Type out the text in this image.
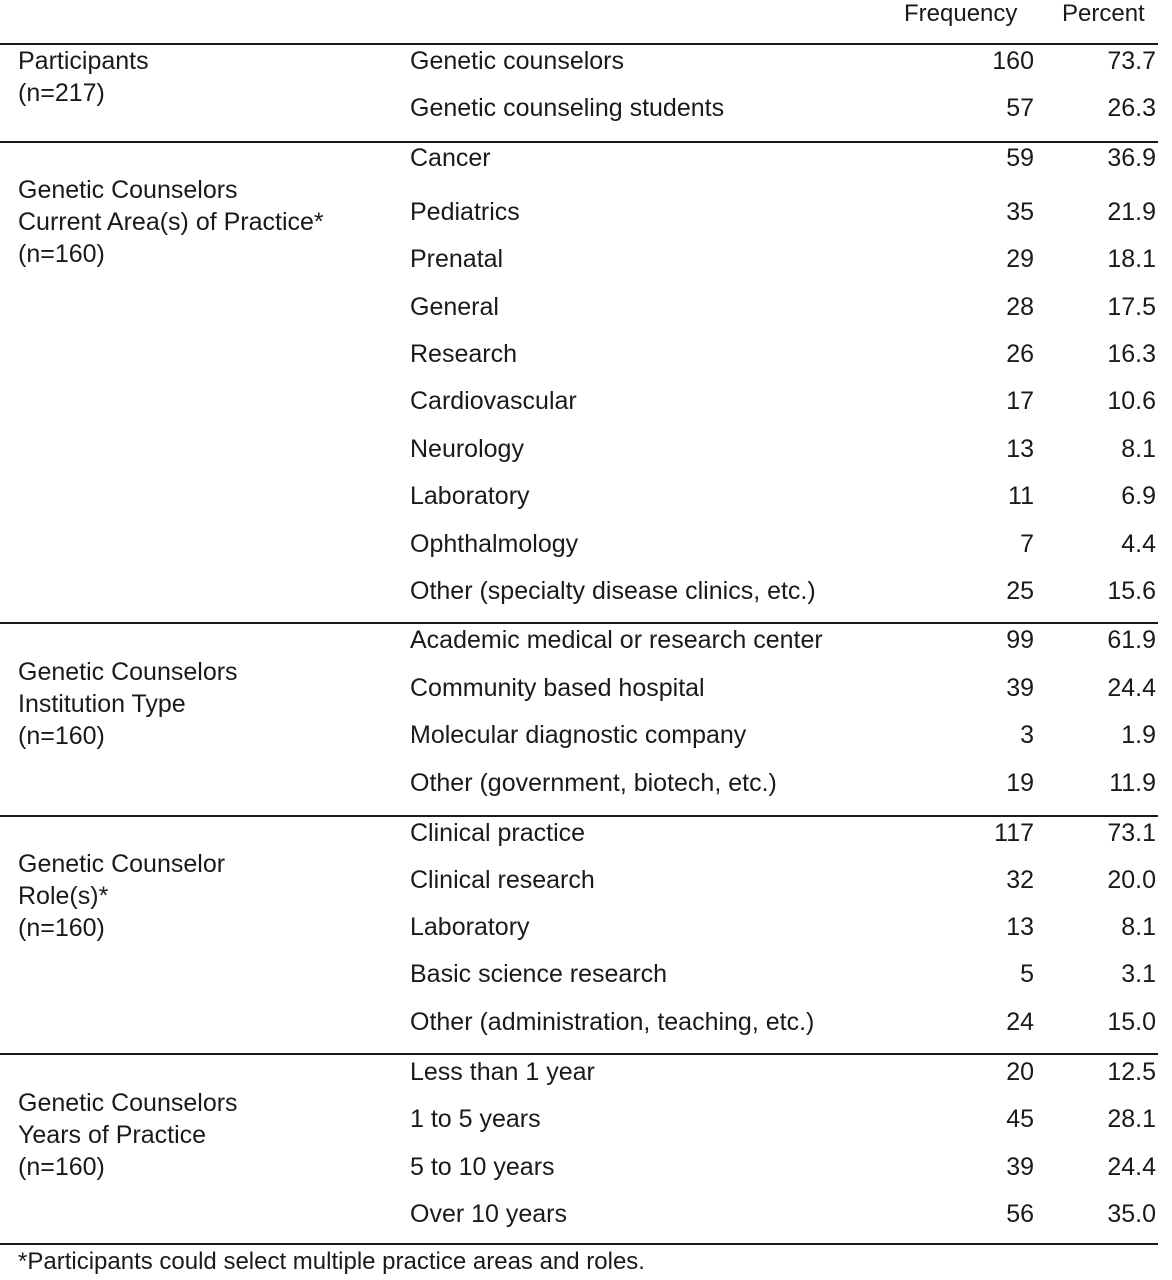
Frequency Percent
Participants
(n=217)
Genetic counselors	160	73.7
Genetic counseling students	57	26.3
Genetic Counselors
Current Area(s) of Practice*
(n=160)
Cancer	59	36.9
Pediatrics	35	21.9
Prenatal	29	18.1
General	28	17.5
Research	26	16.3
Cardiovascular	17	10.6
Neurology	13	8.1
Laboratory	11	6.9
Ophthalmology	7	4.4
Other (specialty disease clinics, etc.)	25	15.6
Genetic Counselors
Institution Type
(n=160)
Academic medical or research center	99	61.9
Community based hospital	39	24.4
Molecular diagnostic company	3	1.9
Other (government, biotech, etc.)	19	11.9
Genetic Counselor
Role(s)*
(n=160)
Clinical practice	117	73.1
Clinical research	32	20.0
Laboratory	13	8.1
Basic science research	5	3.1
Other (administration, teaching, etc.)	24	15.0
Genetic Counselors
Years of Practice
(n=160)
Less than 1 year	20	12.5
1 to 5 years	45	28.1
5 to 10 years	39	24.4
Over 10 years	56	35.0
*Participants could select multiple practice areas and roles.
